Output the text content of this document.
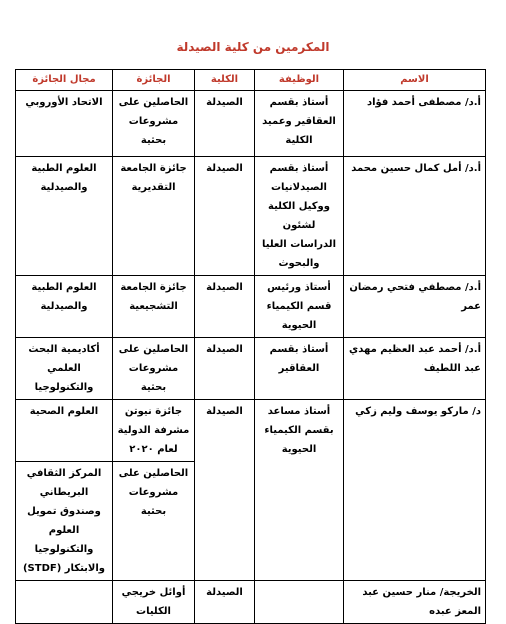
المكرمين من كلية الصيدلة
الاسم	الوظيفة	الكلية	الجائزة	مجال الجائزة
أ.د/ مصطفى أحمد فؤاد	أستاذ بقسم العقاقير وعميد الكلية	الصيدلة	الحاصلين على مشروعات بحثية	الاتحاد الأوروبي
أ.د/ أمل كمال حسين محمد	أستاذ بقسم الصيدلانيات ووكيل الكلية لشئون الدراسات العليا والبحوث	الصيدلة	جائزة الجامعة التقديرية	العلوم الطبية والصيدلية
أ.د/ مصطفي فتحي رمضان عمر	أستاذ ورئيس قسم الكيمياء الحيوية	الصيدلة	جائزة الجامعة التشجيعية	العلوم الطبية والصيدلية
أ.د/ أحمد عبد العظيم مهدي عبد اللطيف	أستاذ بقسم العقاقير	الصيدلة	الحاصلين على مشروعات بحثية	أكاديمية البحث العلمي والتكنولوجيا
د/ ماركو يوسف وليم زكي	أستاذ مساعد بقسم الكيمياء الحيوية	الصيدلة	جائزة نيوتن مشرفة الدولية لعام ٢٠٢٠	العلوم الصحية
			الحاصلين على مشروعات بحثية	المركز الثقافي البريطاني وصندوق تمويل العلوم والتكنولوجيا والابتكار (STDF)
الخريجة/ منار حسين عبد المعز عبده		الصيدلة	أوائل خريجي الكليات	
